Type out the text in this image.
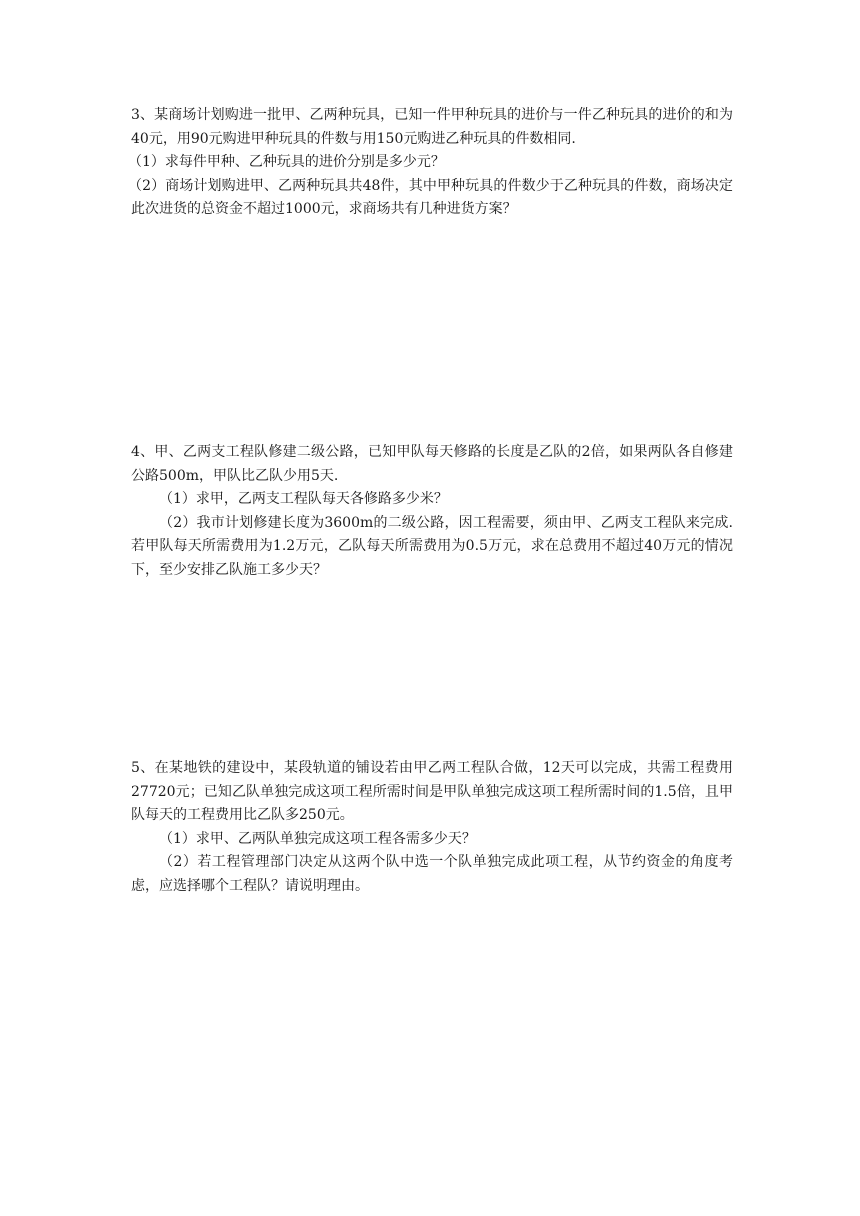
3、某商场计划购进一批甲、乙两种玩具，已知一件甲种玩具的进价与一件乙种玩具的进价的和为40元，用90元购进甲种玩具的件数与用150元购进乙种玩具的件数相同.

（1）求每件甲种、乙种玩具的进价分别是多少元？

（2）商场计划购进甲、乙两种玩具共48件，其中甲种玩具的件数少于乙种玩具的件数，商场决定此次进货的总资金不超过1000元，求商场共有几种进货方案？

4、甲、乙两支工程队修建二级公路，已知甲队每天修路的长度是乙队的2倍，如果两队各自修建公路500m，甲队比乙队少用5天.

（1）求甲，乙两支工程队每天各修路多少米？

（2）我市计划修建长度为3600m的二级公路，因工程需要，须由甲、乙两支工程队来完成. 若甲队每天所需费用为1.2万元，乙队每天所需费用为0.5万元，求在总费用不超过40万元的情况下，至少安排乙队施工多少天？

5、在某地铁的建设中，某段轨道的铺设若由甲乙两工程队合做，12天可以完成，共需工程费用27720元；已知乙队单独完成这项工程所需时间是甲队单独完成这项工程所需时间的1.5倍，且甲队每天的工程费用比乙队多250元。

（1）求甲、乙两队单独完成这项工程各需多少天？

（2）若工程管理部门决定从这两个队中选一个队单独完成此项工程，从节约资金的角度考虑，应选择哪个工程队？请说明理由。
